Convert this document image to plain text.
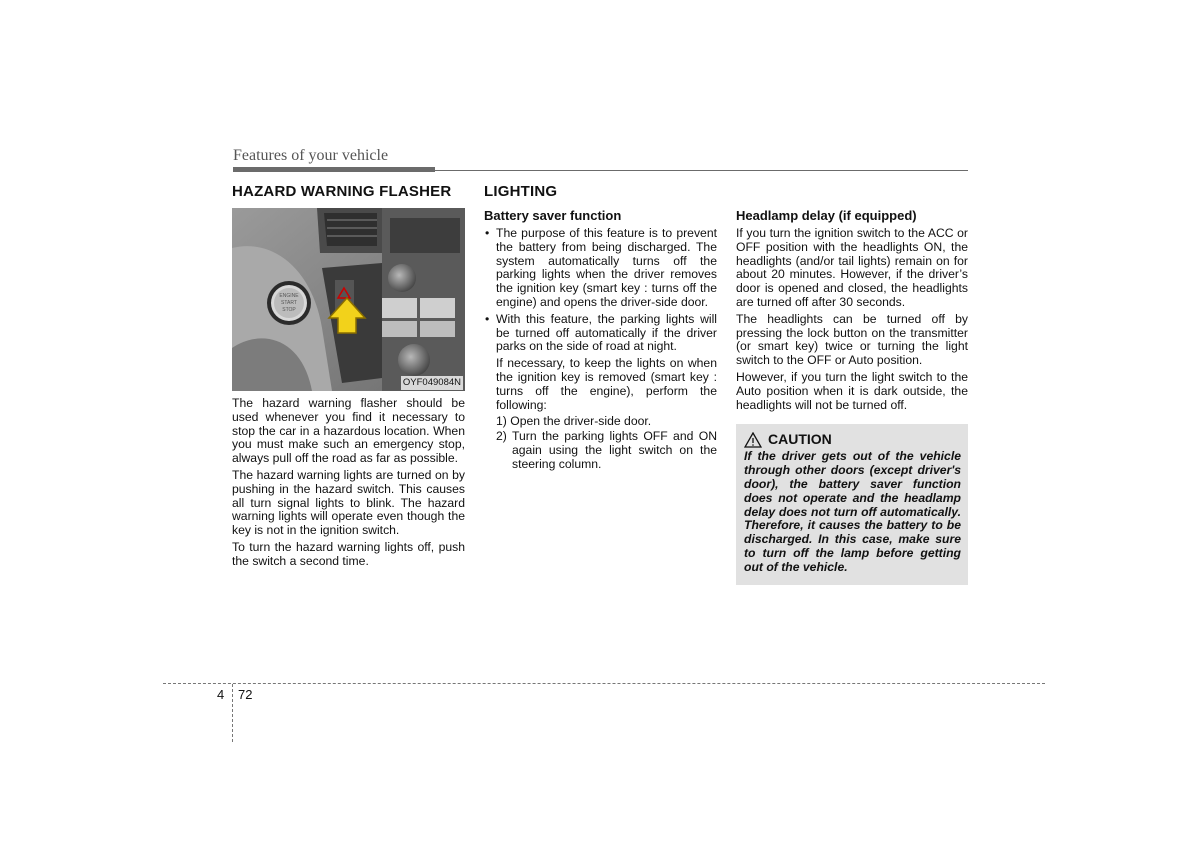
Features of your vehicle
HAZARD WARNING FLASHER
ENGINE
START
STOP
OYF049084N

The hazard warning flasher should be used whenever you find it necessary to stop the car in a hazardous location. When you must make such an emergency stop, always pull off the road as far as possible.

The hazard warning lights are turned on by pushing in the hazard switch. This causes all turn signal lights to blink. The hazard warning lights will operate even though the key is not in the ignition switch.

To turn the hazard warning lights off, push the switch a second time.

LIGHTING
Battery saver function
• The purpose of this feature is to prevent the battery from being discharged. The system automatically turns off the parking lights when the driver removes the ignition key (smart key : turns off the engine) and opens the driver-side door.
• With this feature, the parking lights will be turned off automatically if the driver parks on the side of road at night.

If necessary, to keep the lights on when the ignition key is removed (smart key : turns off the engine), perform the following:

1) Open the driver-side door.
2) Turn the parking lights OFF and ON again using the light switch on the steering column.
Headlamp delay (if equipped)

If you turn the ignition switch to the ACC or OFF position with the headlights ON, the headlights (and/or tail lights) remain on for about 20 minutes. However, if the driver’s door is opened and closed, the headlights are turned off after 30 seconds.

The headlights can be turned off by pressing the lock button on the transmitter (or smart key) twice or turning the light switch to the OFF or Auto position.

However, if you turn the light switch to the Auto position when it is dark outside, the headlights will not be turned off.

CAUTION
If the driver gets out of the vehicle through other doors (except driver's door), the battery saver function does not operate and the headlamp delay does not turn off automatically. Therefore, it causes the battery to be discharged. In this case, make sure to turn off the lamp before getting out of the vehicle.
4 72
